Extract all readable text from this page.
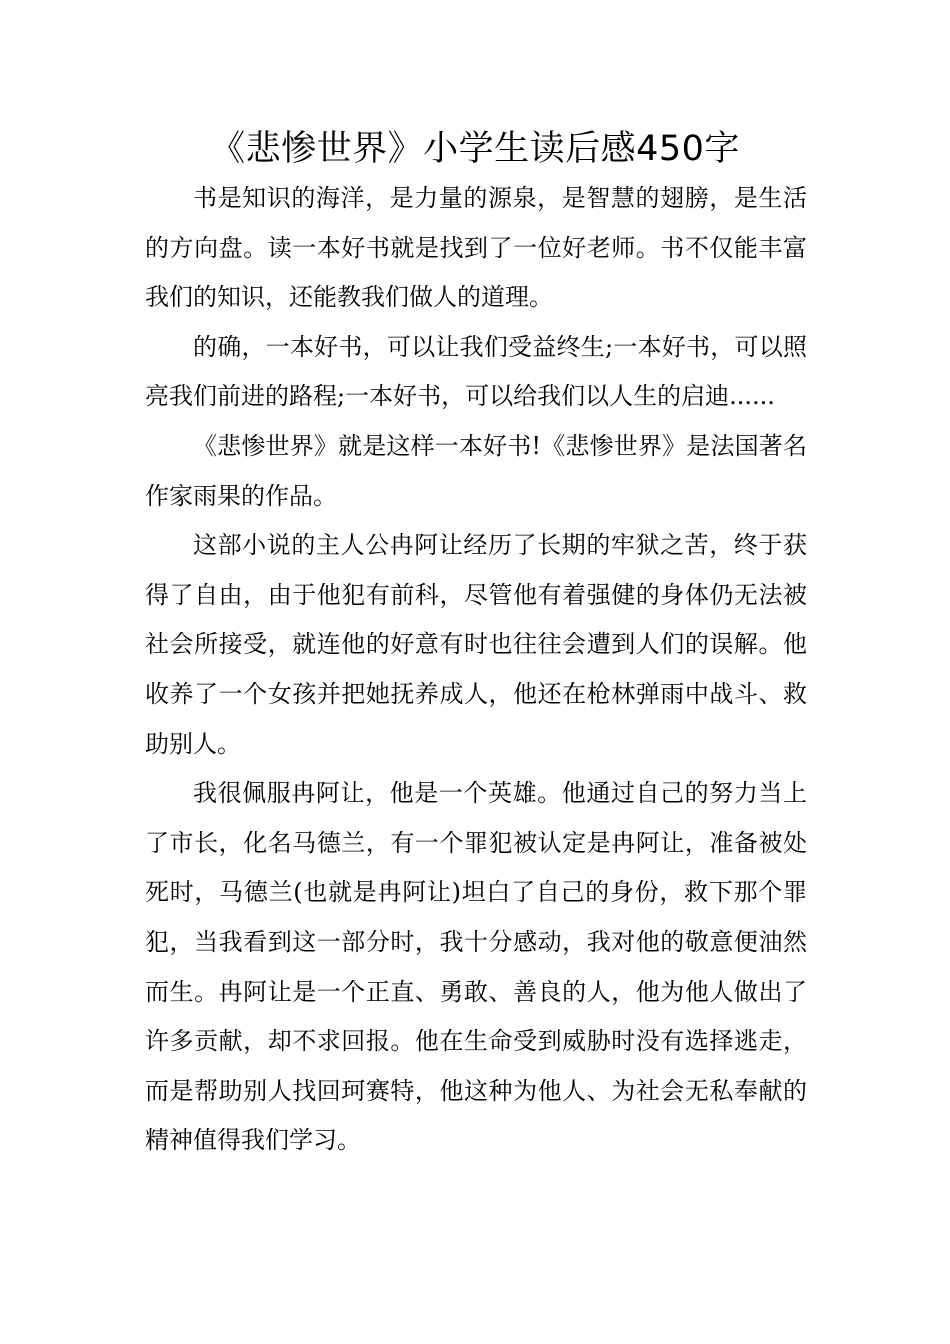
《悲惨世界》小学生读后感450字

书是知识的海洋，是力量的源泉，是智慧的翅膀，是生活的方向盘。读一本好书就是找到了一位好老师。书不仅能丰富我们的知识，还能教我们做人的道理。

的确，一本好书，可以让我们受益终生;一本好书，可以照亮我们前进的路程;一本好书，可以给我们以人生的启迪......

《悲惨世界》就是这样一本好书!《悲惨世界》是法国著名作家雨果的作品。

这部小说的主人公冉阿让经历了长期的牢狱之苦，终于获得了自由，由于他犯有前科，尽管他有着强健的身体仍无法被社会所接受，就连他的好意有时也往往会遭到人们的误解。他收养了一个女孩并把她抚养成人，他还在枪林弹雨中战斗、救助别人。

我很佩服冉阿让，他是一个英雄。他通过自己的努力当上了市长，化名马德兰，有一个罪犯被认定是冉阿让，准备被处死时，马德兰(也就是冉阿让)坦白了自己的身份，救下那个罪犯，当我看到这一部分时，我十分感动，我对他的敬意便油然而生。冉阿让是一个正直、勇敢、善良的人，他为他人做出了许多贡献，却不求回报。他在生命受到威胁时没有选择逃走，而是帮助别人找回珂赛特，他这种为他人、为社会无私奉献的精神值得我们学习。
